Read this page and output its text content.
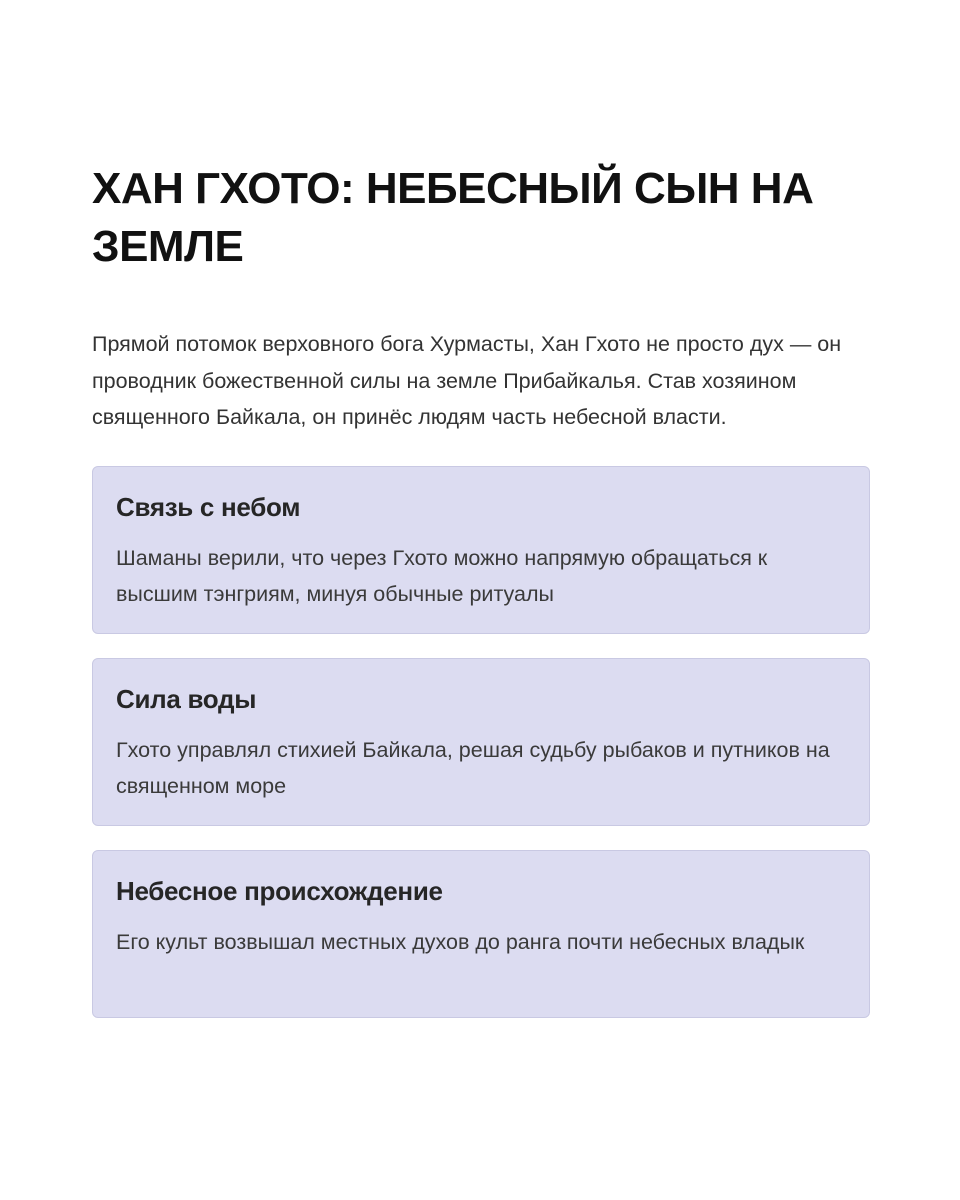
ХАН ГХОТО: НЕБЕСНЫЙ СЫН НА ЗЕМЛЕ

Прямой потомок верховного бога Хурмасты, Хан Гхото не просто дух — он проводник божественной силы на земле Прибайкалья. Став хозяином священного Байкала, он принёс людям часть небесной власти.

Связь с небом

Шаманы верили, что через Гхото можно напрямую обращаться к высшим тэнгриям, минуя обычные ритуалы

Сила воды

Гхото управлял стихией Байкала, решая судьбу рыбаков и путников на священном море

Небесное происхождение

Его культ возвышал местных духов до ранга почти небесных владык
